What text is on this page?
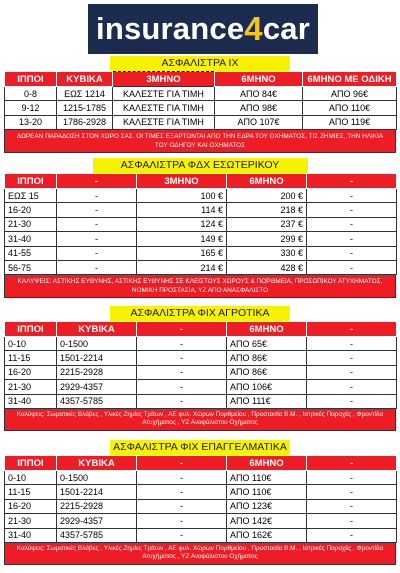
insurance 4 car
ΑΣΦΑΛΙΣΤΡΑ ΙΧ
ΙΠΠΟΙ	ΚΥΒΙΚΑ	3ΜΗΝΟ	6ΜΗΝΟ	6ΜΗΝΟ ΜΕ ΟΔΙΚΗ
0-8	ΕΩΣ 1214	ΚΑΛΕΣΤΕ ΓΙΑ ΤΙΜΗ	ΑΠΟ 84€	ΑΠΟ 96€
9-12	1215-1785	ΚΑΛΕΣΤΕ ΓΙΑ ΤΙΜΗ	ΑΠΟ 98€	ΑΠΟ 110€
13-20	1786-2928	ΚΑΛΕΣΤΕ ΓΙΑ ΤΙΜΗ	ΑΠΟ 107€	ΑΠΟ 119€
ΔΩΡΕΑΝ ΠΑΡΑΔΟΣΗ ΣΤΟΝ ΧΩΡΟ ΣΑΣ. ΟΙ ΤΙΜΕΣ ΕΞΑΡΤΩΝΤΑΙ ΑΠΟ ΤΗΝ ΕΔΡΑ ΤΟΥ ΟΧΗΜΑΤΟΣ, ΤΙΣ ΖΗΜΙΕΣ, ΤΗΝ ΗΛΙΚΙΑ ΤΟΥ ΟΔΗΓΟΥ ΚΑΙ ΟΧΗΜΑΤΟΣ
ΑΣΦΑΛΙΣΤΡΑ ΦΔΧ ΕΣΩΤΕΡΙΚΟΥ
ΙΠΠΟΙ	-	3ΜΗΝΟ	6ΜΗΝΟ	-
ΕΩΣ 15	-	100 €	200 €	-
16-20	-	114 €	218 €	-
21-30	-	124 €	237 €	-
31-40	-	149 €	299 €	-
41-55	-	165 €	330 €	-
56-75	-	214 €	428 €	-
ΚΑΛΥΨΕΙΣ: ΑΣΤΙΚΗΣ ΕΥΘΥΝΗΣ, ΑΣΤΙΚΗΣ ΕΥΘΥΝΗΣ ΣΕ ΚΛΕΙΣΤΟΥΣ ΧΩΡΟΥΣ & ΠΟΡΘΜΕΙΑ, ΠΡΟΣΩΠΙΚΟΥ ΑΤΥΧΗΜΑΤΟΣ, ΝΟΜΙΚΗ ΠΡΟΣΤΑΣΙΑ, ΥΖ ΑΠΟ ΑΝΑΣΦΑΛΙΣΤΟ
ΑΣΦΑΛΙΣΤΡΑ ΦΙΧ ΑΓΡΟΤΙΚΑ
ΙΠΠΟΙ	ΚΥΒΙΚΑ	-	6ΜΗΝΟ	-
0-10	0-1500	-	ΑΠΟ 65€	-
11-15	1501-2214	-	ΑΠΟ 86€	-
16-20	2215-2928	-	ΑΠΟ 86€	-
21-30	2929-4357	-	ΑΠΟ 106€	-
31-40	4357-5785	-	ΑΠΟ 111€	-
Καλύψεις: Σωματικές Βλάβες , Υλικές Ζημίες Τρίτων , ΑΕ φυλ. Χώρων Πορθμείου , Προστασία Β.Μ. , Ιατρικές Παροχές , Φροντίδα Ατυχήματος , ΥΖ Αναφάλιστου Οχήματος
ΑΣΦΑΛΙΣΤΡΑ ΦΙΧ ΕΠΑΓΓΕΛΜΑΤΙΚΑ
ΙΠΠΟΙ	ΚΥΒΙΚΑ	-	6ΜΗΝΟ	-
0-10	0-1500	-	ΑΠΟ 110€	-
11-15	1501-2214	-	ΑΠΟ 110€	-
16-20	2215-2928	-	ΑΠΟ 123€	-
21-30	2929-4357	-	ΑΠΟ 142€	-
31-40	4357-5785	-	ΑΠΟ 162€	-
Καλύψεις: Σωματικές Βλάβες , Υλικές Ζημίες Τρίτων , ΑΕ φυλ. Χώρων Πορθμείου , Προστασία Β.Μ. , Ιατρικές Παροχές , Φροντίδα Ατυχήματος , ΥΖ Αναφάλιστου Οχήματος
